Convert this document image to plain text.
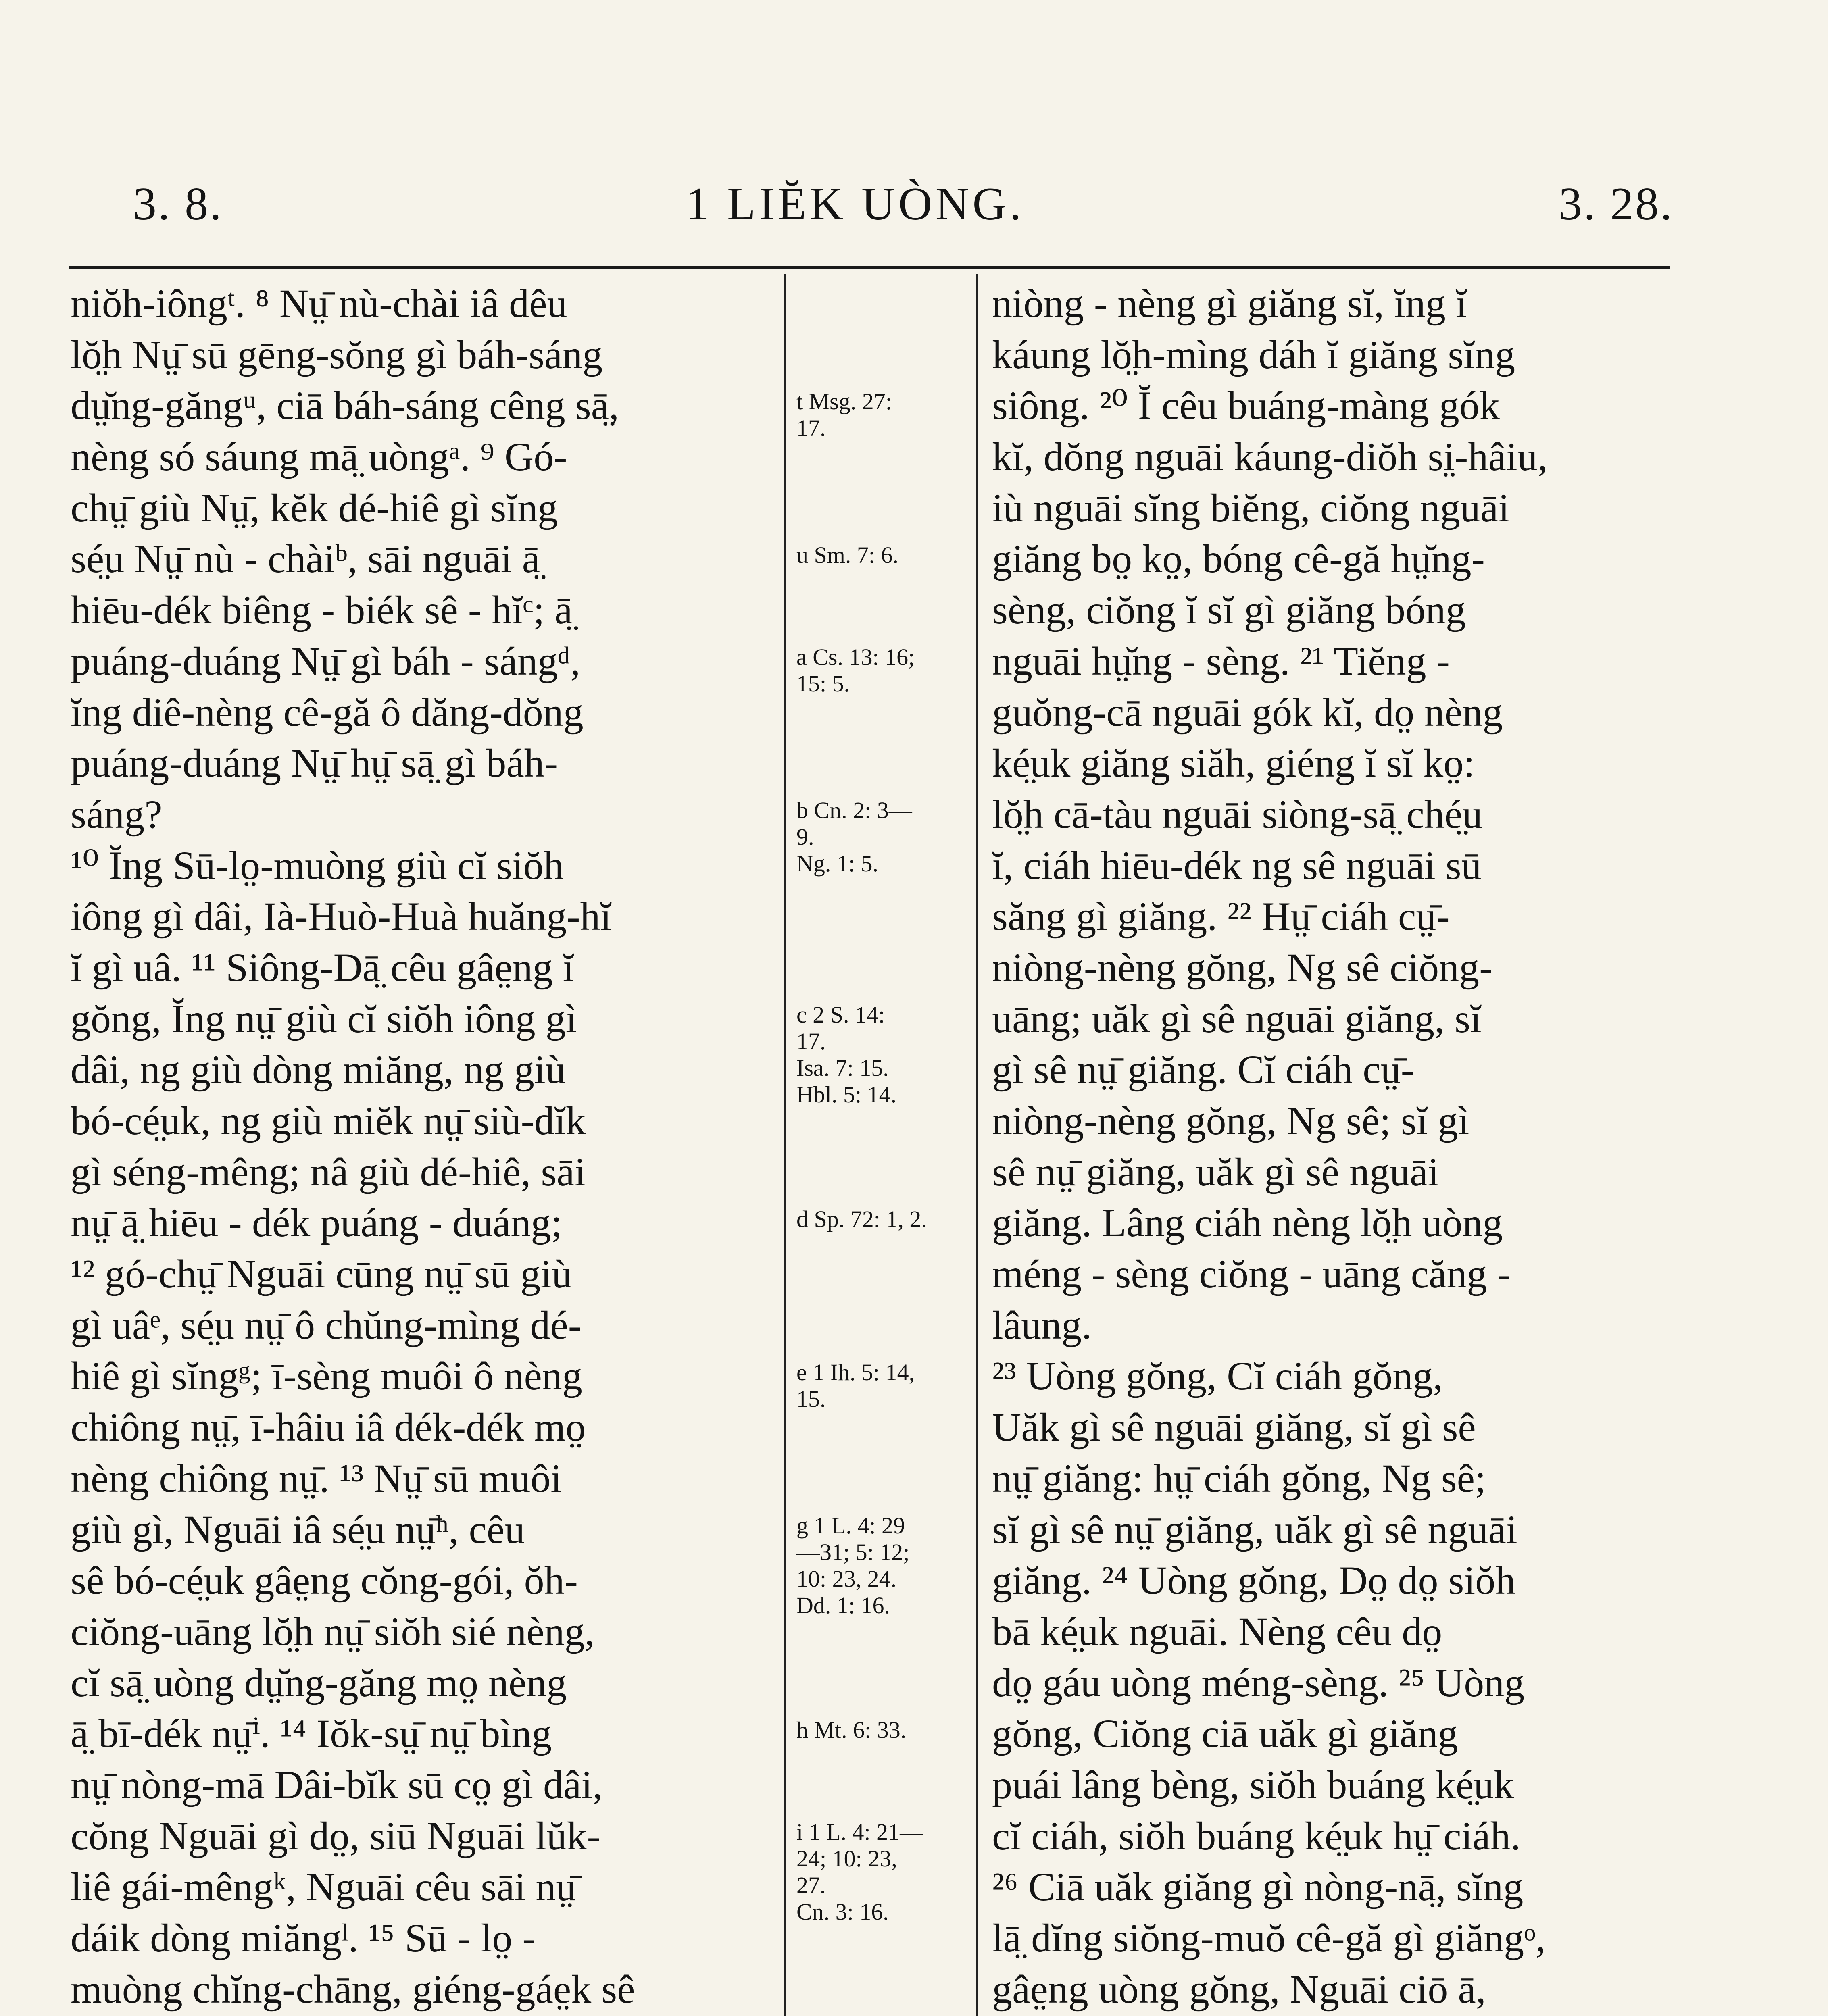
3. 8.	1 LIĔK UÒNG.	3. 28.
niŏh-iôngᵗ. ⁸ Nṳ̄ nù-chài iâ dêu
lŏ̤h Nṳ̄ sū gēng-sŏng gì báh-sáng
dṳ̆ng-găngᵘ, ciā báh-sáng cêng sā̤,
nèng só sáung mā̤ uòngᵃ. ⁹ Gó-
chṳ̄ giù Nṳ̄, kĕk dé-hiê gì sĭng
sé̤u Nṳ̄ nù - chàiᵇ, sāi nguāi ā̤
hiēu-dék biêng - biék sê - hĭᶜ; ā̤
puáng-duáng Nṳ̄ gì báh - sángᵈ,
ĭng diê-nèng cê-gă ô dăng-dŏng
puáng-duáng Nṳ̄ hṳ̄ sā̤ gì báh-
sáng?
¹⁰ Ĭng Sū-lo̤̤-muòng giù cĭ siŏh
iông gì dâi, Ià-Huò-Huà huăng-hĭ
ĭ gì uâ. ¹¹ Siông-Dā̤ cêu gâe̤ng ĭ
gŏng, Ĭng nṳ̄ giù cĭ siŏh iông gì
dâi, ng giù dòng miăng, ng giù
bó-cé̤uk, ng giù miĕk nṳ̄ siù-dĭk
gì séng-mêng; nâ giù dé-hiê, sāi
nṳ̄ ā̤ hiēu - dék puáng - duáng;
¹² gó-chṳ̄ Nguāi cūng nṳ̄ sū giù
gì uâᵉ, sé̤u nṳ̄ ô chŭng-mìng dé-
hiê gì sĭngᵍ; ī-sèng muôi ô nèng
chiông nṳ̄, ī-hâiu iâ dék-dék mo̤̤
nèng chiông nṳ̄. ¹³ Nṳ̄ sū muôi
giù gì, Nguāi iâ sé̤u nṳ̄ʰ, cêu
sê bó-cé̤uk gâe̤ng cŏng-gói, ŏh-
ciŏng-uāng lŏ̤h nṳ̄ siŏh sié nèng,
cĭ sā̤ uòng dṳ̆ng-găng mo̤̤ nèng
ā̤ bī-dék nṳ̄ⁱ. ¹⁴ Iŏk-sṳ̄ nṳ̄ bìng
nṳ̄ nòng-mā Dâi-bĭk sū co̤̤ gì dâi,
cŏng Nguāi gì do̤̤, siū Nguāi lŭk-
liê gái-mêngᵏ, Nguāi cêu sāi nṳ̄
dáik dòng miăngˡ. ¹⁵ Sū - lo̤̤ -
muòng chĭng-chāng, giéng-gáe̤k sê
t Msg. 27:
17.
u Sm. 7: 6.
a Cs. 13: 16;
15: 5.
b Cn. 2: 3—
9.
Ng. 1: 5.
c 2 S. 14:
17.
Isa. 7: 15.
Hbl. 5: 14.
d Sp. 72: 1, 2.
e 1 Ih. 5: 14,
15.
g 1 L. 4: 29
—31; 5: 12;
10: 23, 24.
Dd. 1: 16.
h Mt. 6: 33.
i 1 L. 4: 21—
24; 10: 23,
27.
Cn. 3: 16.
niòng - nèng gì giăng sĭ, ĭng ĭ
káung lŏ̤h-mìng dáh ĭ giăng sĭng
siông. ²⁰ Ĭ cêu buáng-màng gók
kĭ, dŏng nguāi káung-diŏh si̤-hâiu,
iù nguāi sĭng biĕng, ciŏng nguāi
giăng bo̤̤ ko̤̤, bóng cê-gă hṳ̆ng-
sèng, ciŏng ĭ sĭ gì giăng bóng
nguāi hṳ̆ng - sèng. ²¹ Tiĕng -
guŏng-cā nguāi gók kĭ, do̤̤ nèng
ké̤uk giăng siăh, giéng ĭ sĭ ko̤̤:
lŏ̤h cā-tàu nguāi siòng-sā̤ ché̤u
ĭ, ciáh hiēu-dék ng sê nguāi sū
săng gì giăng. ²² Hṳ̄ ciáh cṳ̄-
niòng-nèng gŏng, Ng sê ciŏng-
uāng; uăk gì sê nguāi giăng, sĭ
gì sê nṳ̄ giăng. Cĭ ciáh cṳ̄-
niòng-nèng gŏng, Ng sê; sĭ gì
sê nṳ̄ giăng, uăk gì sê nguāi
giăng. Lâng ciáh nèng lŏ̤h uòng
méng - sèng ciŏng - uāng căng -
lâung.
²³ Uòng gŏng, Cĭ ciáh gŏng,
Uăk gì sê nguāi giăng, sĭ gì sê
nṳ̄ giăng: hṳ̄ ciáh gŏng, Ng sê;
sĭ gì sê nṳ̄ giăng, uăk gì sê nguāi
giăng. ²⁴ Uòng gŏng, Do̤̤ do̤̤ siŏh
bā ké̤uk nguāi. Nèng cêu do̤̤
do̤̤ gáu uòng méng-sèng. ²⁵ Uòng
gŏng, Ciŏng ciā uăk gì giăng
puái lâng bèng, siŏh buáng ké̤uk
cĭ ciáh, siŏh buáng ké̤uk hṳ̄ ciáh.
²⁶ Ciā uăk giăng gì nòng-nā̤, sĭng
lā̤ dĭng siŏng-muŏ cê-gă gì giăngᵒ,
gâe̤ng uòng gŏng, Nguāi ciō ā,
